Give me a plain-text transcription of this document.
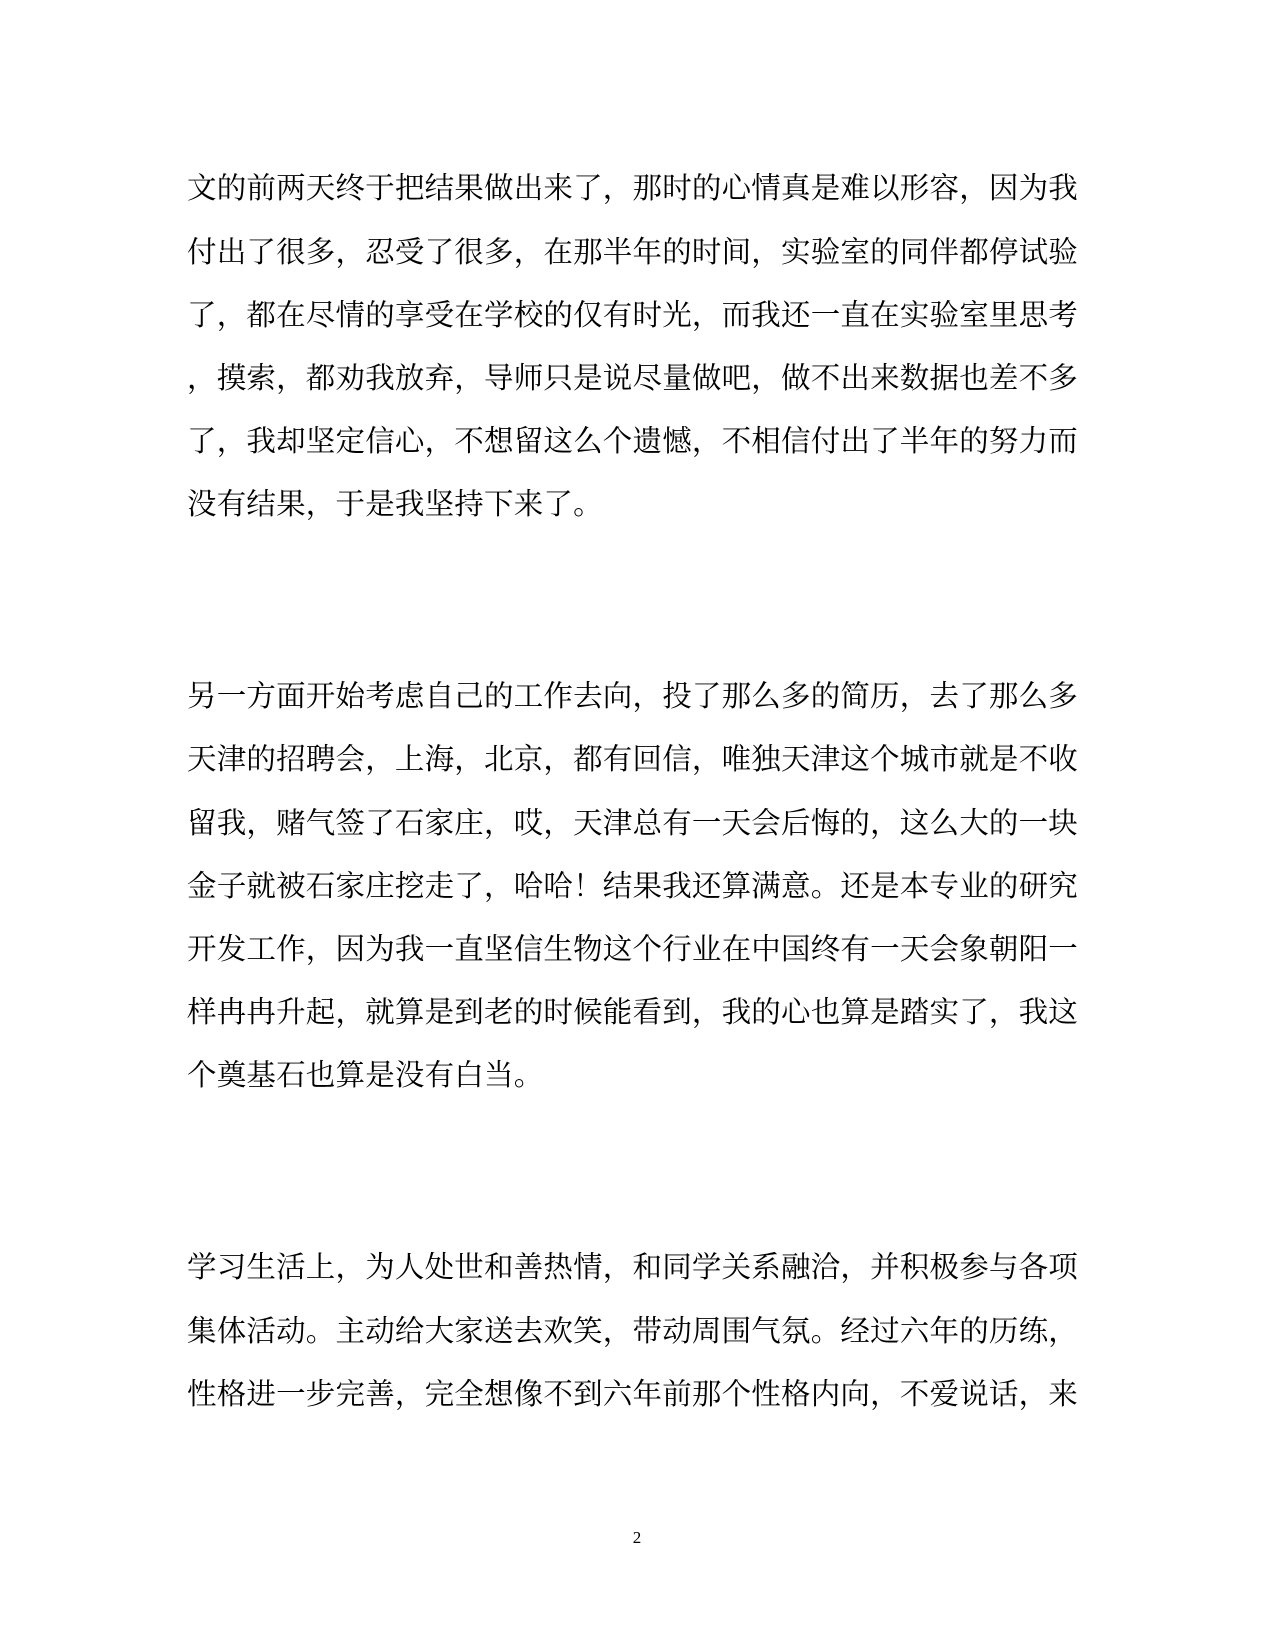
文的前两天终于把结果做出来了，那时的心情真是难以形容，因为我
付出了很多，忍受了很多，在那半年的时间，实验室的同伴都停试验
了，都在尽情的享受在学校的仅有时光，而我还一直在实验室里思考
，摸索，都劝我放弃，导师只是说尽量做吧，做不出来数据也差不多
了，我却坚定信心，不想留这么个遗憾，不相信付出了半年的努力而
没有结果，于是我坚持下来了。
另一方面开始考虑自己的工作去向，投了那么多的简历，去了那么多
天津的招聘会，上海，北京，都有回信，唯独天津这个城市就是不收
留我，赌气签了石家庄，哎，天津总有一天会后悔的，这么大的一块
金子就被石家庄挖走了，哈哈！结果我还算满意。还是本专业的研究
开发工作，因为我一直坚信生物这个行业在中国终有一天会象朝阳一
样冉冉升起，就算是到老的时候能看到，我的心也算是踏实了，我这
个奠基石也算是没有白当。
学习生活上，为人处世和善热情，和同学关系融洽，并积极参与各项
集体活动。主动给大家送去欢笑，带动周围气氛。经过六年的历练，
性格进一步完善，完全想像不到六年前那个性格内向，不爱说话，来
2
